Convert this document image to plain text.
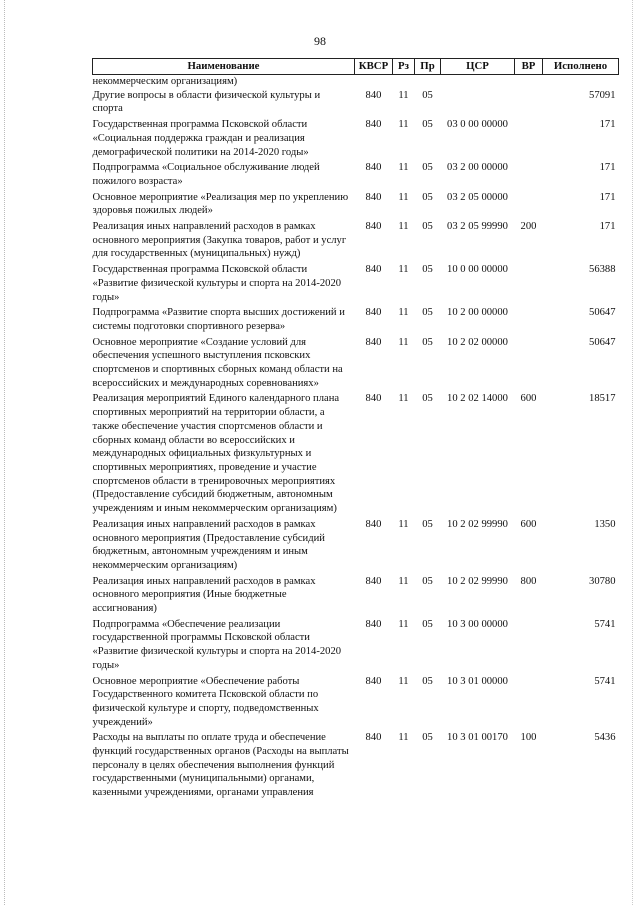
98
Наименование	КВСР	Рз	Пр	ЦСР	ВР	Исполнено
некоммерческим организациям)						
Другие вопросы в области физической культуры и спорта	840	11	05			57091
Государственная программа Псковской области «Социальная поддержка граждан и реализация демографической политики на 2014-2020 годы»	840	11	05	03 0 00 00000		171
Подпрограмма «Социальное обслуживание людей пожилого возраста»	840	11	05	03 2 00 00000		171
Основное мероприятие «Реализация мер по укреплению здоровья пожилых людей»	840	11	05	03 2 05 00000		171
Реализация иных направлений расходов в рамках основного мероприятия (Закупка товаров, работ и услуг для государственных (муниципальных) нужд)	840	11	05	03 2 05 99990	200	171
Государственная программа Псковской области «Развитие физической культуры и спорта на 2014-2020 годы»	840	11	05	10 0 00 00000		56388
Подпрограмма «Развитие спорта высших достижений и системы подготовки спортивного резерва»	840	11	05	10 2 00 00000		50647
Основное мероприятие «Создание условий для обеспечения успешного выступления псковских спортсменов и спортивных сборных команд области на всероссийских и международных соревнованиях»	840	11	05	10 2 02 00000		50647
Реализация мероприятий Единого календарного плана спортивных мероприятий на территории области, а также обеспечение участия спортсменов области и сборных команд области во всероссийских и международных официальных физкультурных и спортивных мероприятиях, проведение и участие спортсменов области в тренировочных мероприятиях (Предоставление субсидий бюджетным, автономным учреждениям и иным некоммерческим организациям)	840	11	05	10 2 02 14000	600	18517
Реализация иных направлений расходов в рамках основного мероприятия (Предоставление субсидий бюджетным, автономным учреждениям и иным некоммерческим организациям)	840	11	05	10 2 02 99990	600	1350
Реализация иных направлений расходов в рамках основного мероприятия (Иные бюджетные ассигнования)	840	11	05	10 2 02 99990	800	30780
Подпрограмма «Обеспечение реализации государственной программы Псковской области «Развитие физической культуры и спорта на 2014-2020 годы»	840	11	05	10 3 00 00000		5741
Основное мероприятие «Обеспечение работы Государственного комитета Псковской области по физической культуре и спорту, подведомственных учреждений»	840	11	05	10 3 01 00000		5741
Расходы на выплаты по оплате труда и обеспечение функций государственных органов (Расходы на выплаты персоналу в целях обеспечения выполнения функций государственными (муниципальными) органами, казенными учреждениями, органами управления	840	11	05	10 3 01 00170	100	5436
